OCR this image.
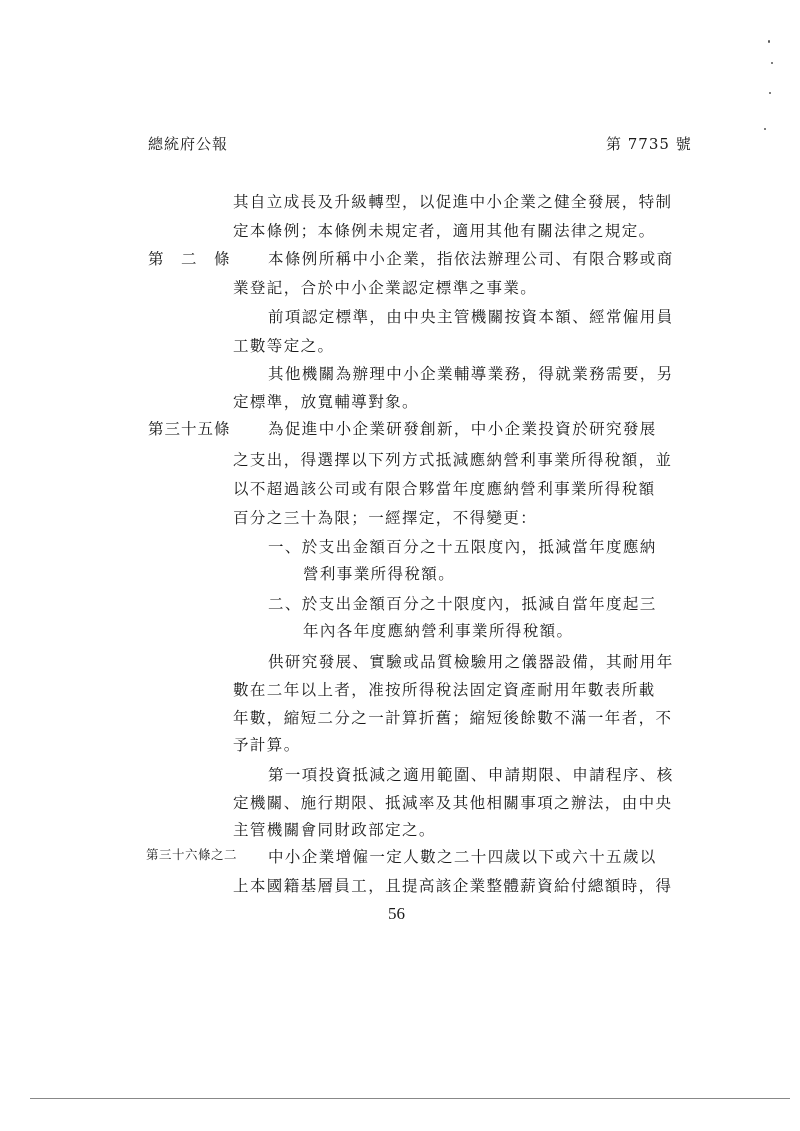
總統府公報	第 7735 號
第　二　條
第三十五條
第三十六條之二
其自立成長及升級轉型，以促進中小企業之健全發展，特制
定本條例；本條例未規定者，適用其他有關法律之規定。
本條例所稱中小企業，指依法辦理公司、有限合夥或商
業登記，合於中小企業認定標準之事業。
前項認定標準，由中央主管機關按資本額、經常僱用員
工數等定之。
其他機關為辦理中小企業輔導業務，得就業務需要，另
定標準，放寬輔導對象。
為促進中小企業研發創新，中小企業投資於研究發展
之支出，得選擇以下列方式抵減應納營利事業所得稅額，並
以不超過該公司或有限合夥當年度應納營利事業所得稅額
百分之三十為限；一經擇定，不得變更：
一、於支出金額百分之十五限度內，抵減當年度應納
營利事業所得稅額。
二、於支出金額百分之十限度內，抵減自當年度起三
年內各年度應納營利事業所得稅額。
供研究發展、實驗或品質檢驗用之儀器設備，其耐用年
數在二年以上者，准按所得稅法固定資產耐用年數表所載
年數，縮短二分之一計算折舊；縮短後餘數不滿一年者，不
予計算。
第一項投資抵減之適用範圍、申請期限、申請程序、核
定機關、施行期限、抵減率及其他相關事項之辦法，由中央
主管機關會同財政部定之。
中小企業增僱一定人數之二十四歲以下或六十五歲以
上本國籍基層員工，且提高該企業整體薪資給付總額時，得
56
